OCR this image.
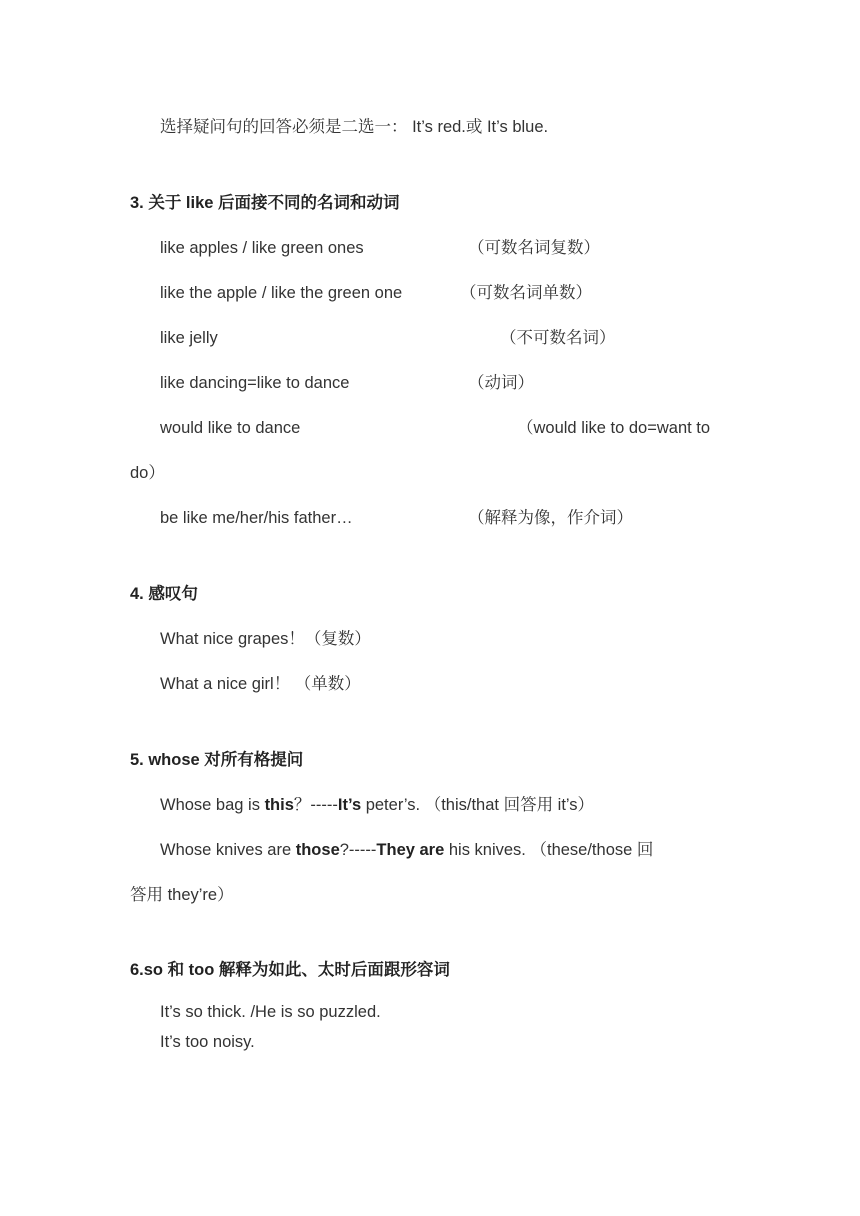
选择疑问句的回答必须是二选一： It’s red.或 It’s blue.
3. 关于 like 后面接不同的名词和动词
like apples / like green ones	（可数名词复数）
like the apple / like the green one	（可数名词单数）
like jelly	（不可数名词）
like dancing=like to dance	（动词）
would like to dance	（would like to do=want to
do）
be like me/her/his father…	（解释为像，作介词）
4. 感叹句
What nice grapes！（复数）
What a nice girl！ （单数）
5. whose 对所有格提问
Whose bag is this？-----It’s peter’s. （this/that 回答用 it’s）
Whose knives are those?-----They are his knives. （these/those 回
答用 they’re）
6.so 和 too 解释为如此、太时后面跟形容词
It’s so thick. /He is so puzzled.
It’s too noisy.
